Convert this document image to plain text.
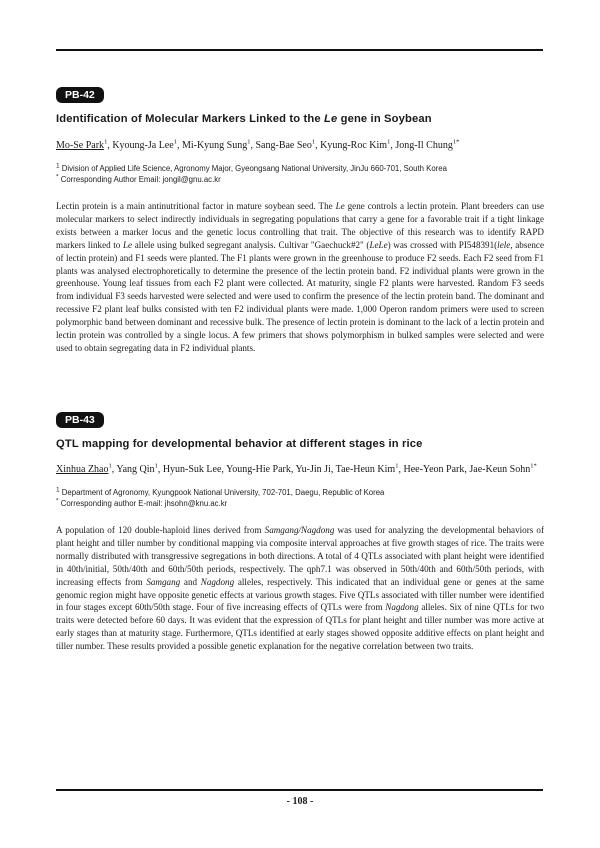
PB-42
Identification of Molecular Markers Linked to the Le gene in Soybean

Mo-Se Park$^1$, Kyoung-Ja Lee$^1$, Mi-Kyung Sung$^1$, Sang-Bae Seo$^1$, Kyung-Roc Kim$^1$, Jong-Il Chung$^{1*}$

$^1$ Division of Applied Life Science, Agronomy Major, Gyeongsang National University, JinJu 660-701, South Korea

* Corresponding Author Email: jongil@gnu.ac.kr

Lectin protein is a main antinutritional factor in mature soybean seed. The Le gene controls a lectin protein. Plant breeders can use molecular markers to select indirectly individuals in segregating populations that carry a gene for a favorable trait if a tight linkage exists between a marker locus and the genetic locus controlling that trait. The objective of this research was to identify RAPD markers linked to Le allele using bulked segregant analysis. Cultivar "Gaechuck#2" (LeLe) was crossed with PI548391(lele, absence of lectin protein) and F1 seeds were planted. The F1 plants were grown in the greenhouse to produce F2 seeds. Each F2 seed from F1 plants was analysed electrophoretically to determine the presence of the lectin protein band. F2 individual plants were grown in the greenhouse. Young leaf tissues from each F2 plant were collected. At maturity, single F2 plants were harvested. Random F3 seeds from individual F3 seeds harvested were selected and were used to confirm the presence of the lectin protein band. The dominant and recessive F2 plant leaf bulks consisted with ten F2 individual plants were made. 1,000 Operon random primers were used to screen polymorphic band between dominant and recessive bulk. The presence of lectin protein is dominant to the lack of a lectin protein and lectin protein was controlled by a single locus. A few primers that shows polymorphism in bulked samples were selected and were used to obtain segregating data in F2 individual plants.

PB-43
QTL mapping for developmental behavior at different stages in rice

Xinhua Zhao$^1$, Yang Qin$^1$, Hyun-Suk Lee, Young-Hie Park, Yu-Jin Ji, Tae-Heun Kim$^1$, Hee-Yeon Park, Jae-Keun Sohn$^{1*}$

$^1$ Department of Agronomy, Kyungpook National University, 702-701, Daegu, Republic of Korea

* Corresponding author E-mail: jhsohn@knu.ac.kr

A population of 120 double-haploid lines derived from Samgang/Nagdong was used for analyzing the developmental behaviors of plant height and tiller number by conditional mapping via composite interval approaches at five growth stages of rice. The traits were normally distributed with transgressive segregations in both directions. A total of 4 QTLs associated with plant height were identified in 40th/initial, 50th/40th and 60th/50th periods, respectively. The qph7.1 was observed in 50th/40th and 60th/50th periods, with increasing effects from Samgang and Nagdong alleles, respectively. This indicated that an individual gene or genes at the same genomic region might have opposite genetic effects at various growth stages. Five QTLs associated with tiller number were identified in four stages except 60th/50th stage. Four of five increasing effects of QTLs were from Nagdong alleles. Six of nine QTLs for two traits were detected before 60 days. It was evident that the expression of QTLs for plant height and tiller number was more active at early stages than at maturity stage. Furthermore, QTLs identified at early stages showed opposite additive effects on plant height and tiller number. These results provided a possible genetic explanation for the negative correlation between two traits.

- 108 -
